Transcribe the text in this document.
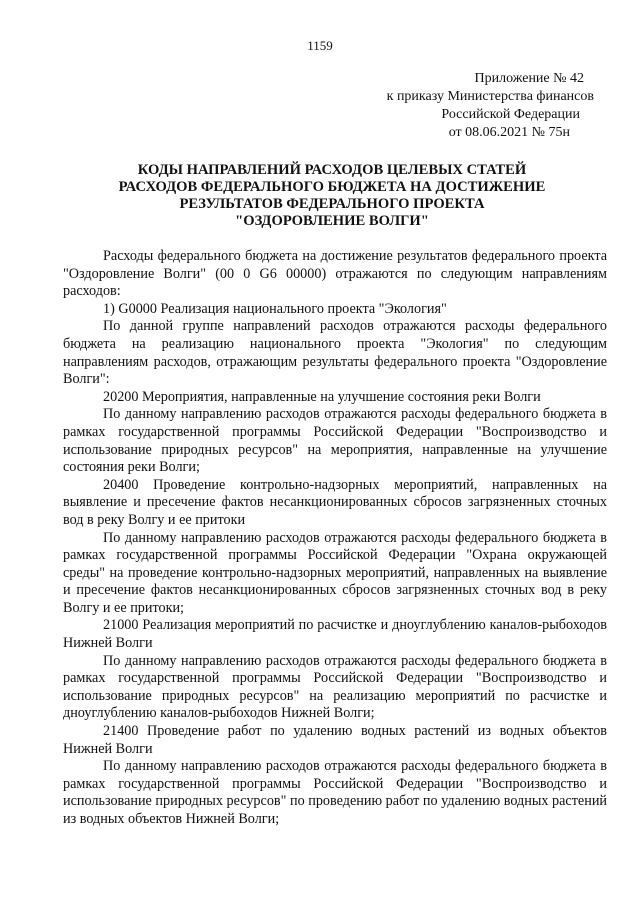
1159
Приложение № 42
к приказу Министерства финансов
Российской Федерации
от 08.06.2021 № 75н
КОДЫ НАПРАВЛЕНИЙ РАСХОДОВ ЦЕЛЕВЫХ СТАТЕЙ
РАСХОДОВ ФЕДЕРАЛЬНОГО БЮДЖЕТА НА ДОСТИЖЕНИЕ
РЕЗУЛЬТАТОВ ФЕДЕРАЛЬНОГО ПРОЕКТА
"ОЗДОРОВЛЕНИЕ ВОЛГИ"

Расходы федерального бюджета на достижение результатов федерального проекта "Оздоровление Волги" (00 0 G6 00000) отражаются по следующим направлениям расходов:

1) G0000 Реализация национального проекта "Экология"

По данной группе направлений расходов отражаются расходы федерального бюджета на реализацию национального проекта "Экология" по следующим направлениям расходов, отражающим результаты федерального проекта "Оздоровление Волги":

20200 Мероприятия, направленные на улучшение состояния реки Волги

По данному направлению расходов отражаются расходы федерального бюджета в рамках государственной программы Российской Федерации "Воспроизводство и использование природных ресурсов" на мероприятия, направленные на улучшение состояния реки Волги;

20400 Проведение контрольно-надзорных мероприятий, направленных на выявление и пресечение фактов несанкционированных сбросов загрязненных сточных вод в реку Волгу и ее притоки

По данному направлению расходов отражаются расходы федерального бюджета в рамках государственной программы Российской Федерации "Охрана окружающей среды" на проведение контрольно-надзорных мероприятий, направленных на выявление и пресечение фактов несанкционированных сбросов загрязненных сточных вод в реку Волгу и ее притоки;

21000 Реализация мероприятий по расчистке и дноуглублению каналов-рыбоходов Нижней Волги

По данному направлению расходов отражаются расходы федерального бюджета в рамках государственной программы Российской Федерации "Воспроизводство и использование природных ресурсов" на реализацию мероприятий по расчистке и дноуглублению каналов-рыбоходов Нижней Волги;

21400 Проведение работ по удалению водных растений из водных объектов Нижней Волги

По данному направлению расходов отражаются расходы федерального бюджета в рамках государственной программы Российской Федерации "Воспроизводство и использование природных ресурсов" по проведению работ по удалению водных растений из водных объектов Нижней Волги;
